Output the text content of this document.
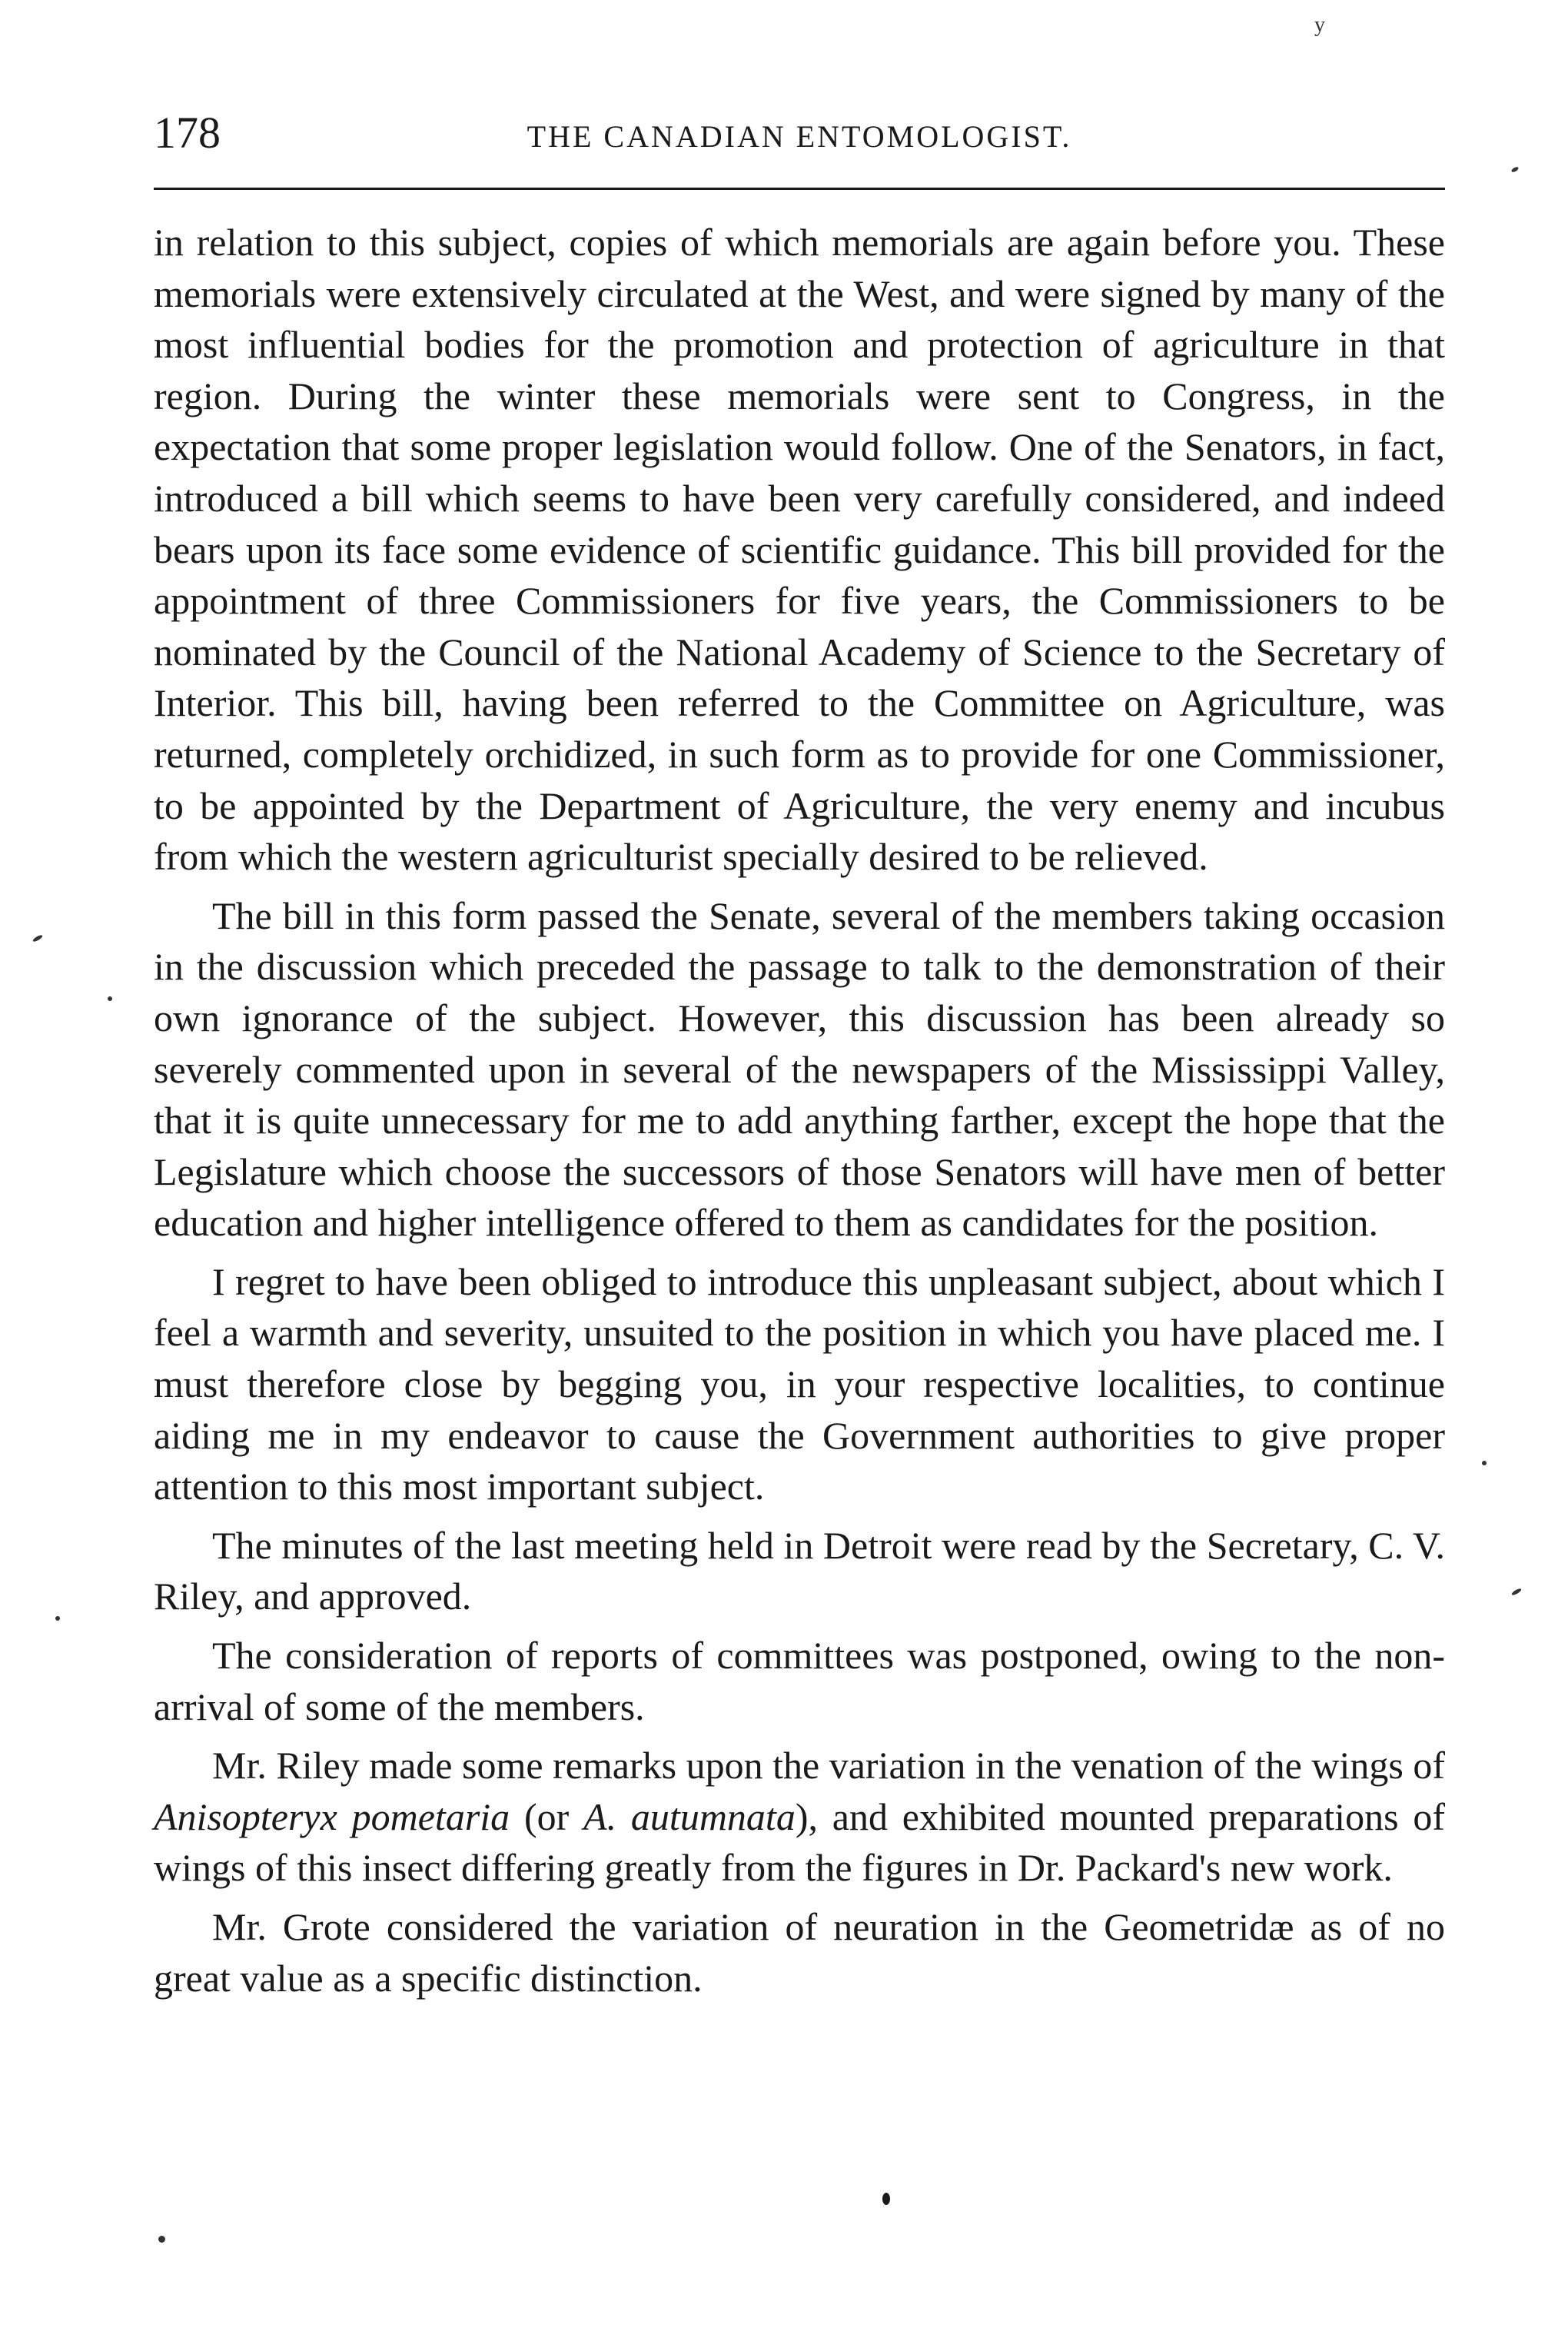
y
178	THE CANADIAN ENTOMOLOGIST.

in relation to this subject, copies of which memorials are again before you. These memorials were extensively circulated at the West, and were signed by many of the most influential bodies for the promotion and protection of agriculture in that region. During the winter these memorials were sent to Congress, in the expectation that some proper legislation would follow. One of the Senators, in fact, introduced a bill which seems to have been very carefully considered, and indeed bears upon its face some evidence of scientific guidance. This bill provided for the appointment of three Commissioners for five years, the Commissioners to be nominated by the Council of the National Academy of Science to the Secretary of Interior. This bill, having been referred to the Committee on Agriculture, was returned, completely orchidized, in such form as to provide for one Commissioner, to be appointed by the Department of Agriculture, the very enemy and incubus from which the western agriculturist specially desired to be relieved.

The bill in this form passed the Senate, several of the members taking occasion in the discussion which preceded the passage to talk to the demonstration of their own ignorance of the subject. However, this discussion has been already so severely commented upon in several of the newspapers of the Mississippi Valley, that it is quite unnecessary for me to add anything farther, except the hope that the Legislature which choose the successors of those Senators will have men of better education and higher intelligence offered to them as candidates for the position.

I regret to have been obliged to introduce this unpleasant subject, about which I feel a warmth and severity, unsuited to the position in which you have placed me. I must therefore close by begging you, in your respective localities, to continue aiding me in my endeavor to cause the Government authorities to give proper attention to this most important subject.

The minutes of the last meeting held in Detroit were read by the Secretary, C. V. Riley, and approved.

The consideration of reports of committees was postponed, owing to the non-arrival of some of the members.

Mr. Riley made some remarks upon the variation in the venation of the wings of Anisopteryx pometaria (or A. autumnata), and exhibited mounted preparations of wings of this insect differing greatly from the figures in Dr. Packard's new work.

Mr. Grote considered the variation of neuration in the Geometridæ as of no great value as a specific distinction.
